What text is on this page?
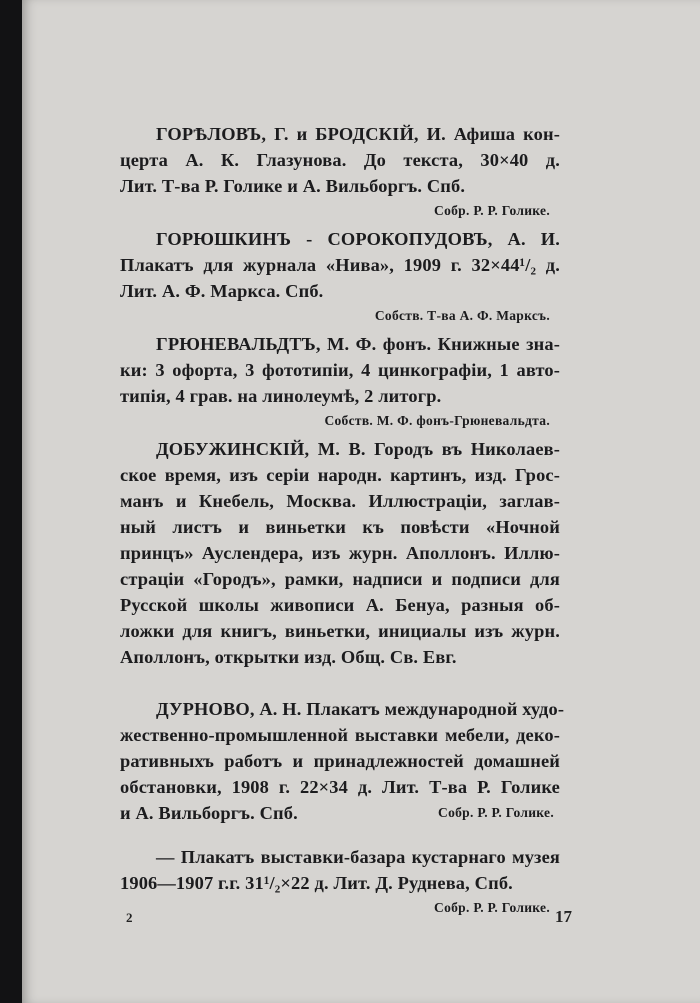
ГОРѢЛОВЪ, Г. и БРОДСКІЙ, И. Афиша кон-
церта А. К. Глазунова. До текста, 30×40 д.
Лит. Т-ва Р. Голике и А. Вильборгъ. Спб.
Собр. Р. Р. Голике.
ГОРЮШКИНЪ - СОРОКОПУДОВЪ, А. И.
Плакатъ для журнала «Нива», 1909 г. 32×44¹/₂ д.
Лит. А. Ф. Маркса. Спб.
Собств. Т-ва А. Ф. Марксъ.
ГРЮНЕВАЛЬДТЪ, М. Ф. фонъ. Книжные зна-
ки: 3 офорта, 3 фототипіи, 4 цинкографіи, 1 авто-
типія, 4 грав. на линолеумѣ, 2 литогр.
Собств. М. Ф. фонъ-Грюневальдта.
ДОБУЖИНСКІЙ, М. В. Городъ въ Николаев-
ское время, изъ серіи народн. картинъ, изд. Грос-
манъ и Кнебель, Москва. Иллюстраціи, заглав-
ный листъ и виньетки къ повѣсти «Ночной
принцъ» Ауслендера, изъ журн. Аполлонъ. Иллю-
страціи «Городъ», рамки, надписи и подписи для
Русской школы живописи А. Бенуа, разныя об-
ложки для книгъ, виньетки, инициалы изъ журн.
Аполлонъ, открытки изд. Общ. Св. Евг.
ДУРНОВО, А. Н. Плакатъ международной худо-
жественно-промышленной выставки мебели, деко-
ративныхъ работъ и принадлежностей домашней
обстановки, 1908 г. 22×34 д. Лит. Т-ва Р. Голике
и А. Вильборгъ. Спб.	Собр. Р. Р. Голике.
— Плакатъ выставки-базара кустарнаго музея
1906—1907 г.г. 31¹/₂×22 д. Лит. Д. Руднева, Спб.
Собр. Р. Р. Голике.
2	17
